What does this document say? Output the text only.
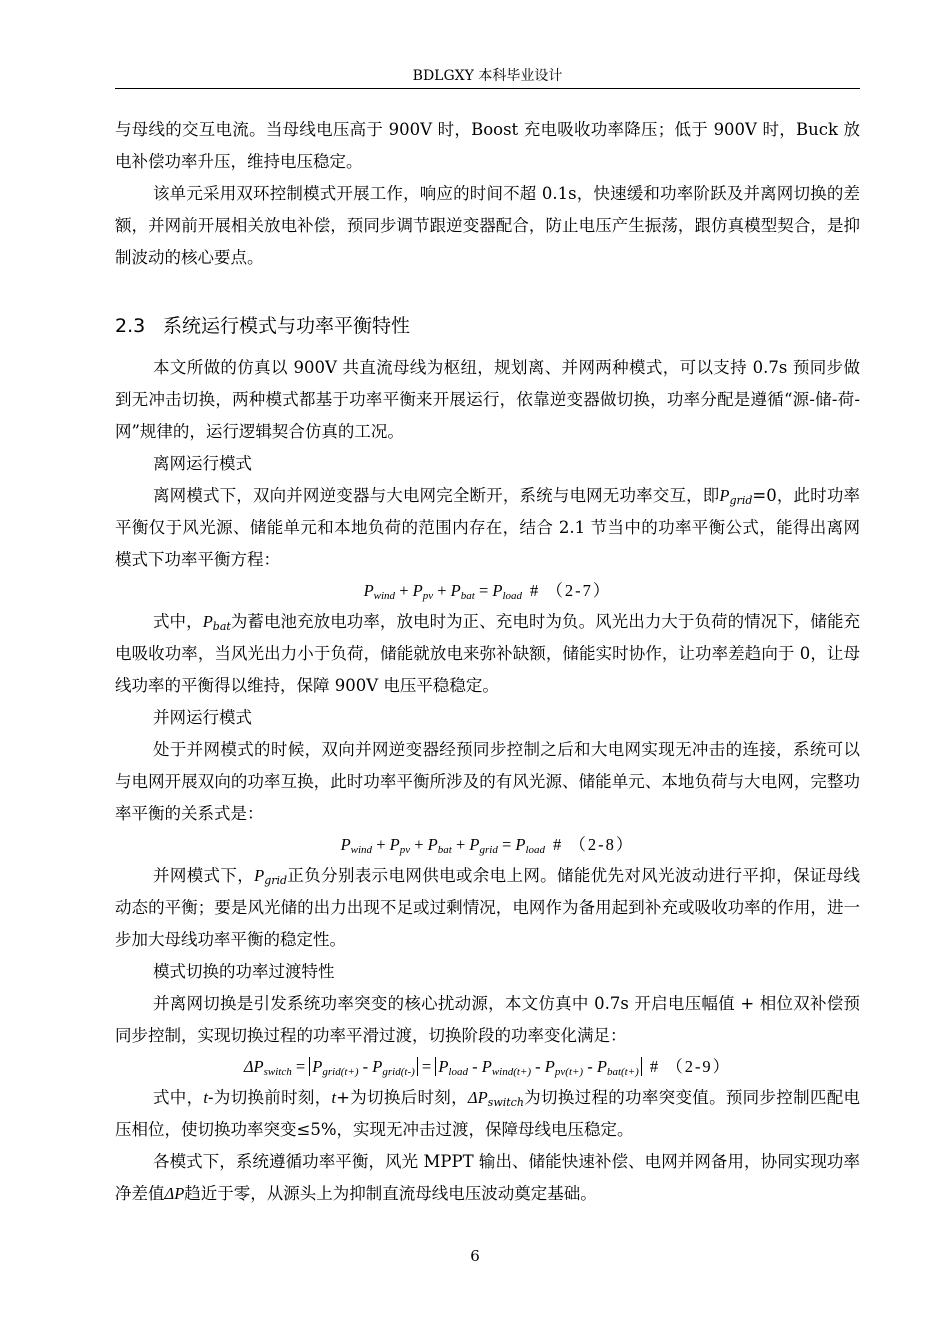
BDLGXY 本科毕业设计

与母线的交互电流。当母线电压高于 900V 时，Boost 充电吸收功率降压；低于 900V 时，Buck 放电补偿功率升压，维持电压稳定。

该单元采用双环控制模式开展工作，响应的时间不超 0.1s，快速缓和功率阶跃及并离网切换的差额，并网前开展相关放电补偿，预同步调节跟逆变器配合，防止电压产生振荡，跟仿真模型契合，是抑制波动的核心要点。

2.3 系统运行模式与功率平衡特性

本文所做的仿真以 900V 共直流母线为枢纽，规划离、并网两种模式，可以支持 0.7s 预同步做到无冲击切换，两种模式都基于功率平衡来开展运行，依靠逆变器做切换，功率分配是遵循“源-储-荷-网”规律的，运行逻辑契合仿真的工况。

离网运行模式

离网模式下，双向并网逆变器与大电网完全断开，系统与电网无功率交互，即$P_{grid}=0$，此时功率平衡仅于风光源、储能单元和本地负荷的范围内存在，结合 2.1 节当中的功率平衡公式，能得出离网模式下功率平衡方程：

$P_{wind} + P_{pv} + P_{bat} = P_{load}$ # （2-7）

式中，$P_{bat}$为蓄电池充放电功率，放电时为正、充电时为负。风光出力大于负荷的情况下，储能充电吸收功率，当风光出力小于负荷，储能就放电来弥补缺额，储能实时协作，让功率差趋向于 0，让母线功率的平衡得以维持，保障 900V 电压平稳稳定。

并网运行模式

处于并网模式的时候，双向并网逆变器经预同步控制之后和大电网实现无冲击的连接，系统可以与电网开展双向的功率互换，此时功率平衡所涉及的有风光源、储能单元、本地负荷与大电网，完整功率平衡的关系式是：

$P_{wind} + P_{pv} + P_{bat} + P_{grid} = P_{load}$ # （2-8）

并网模式下，$P_{grid}$正负分别表示电网供电或余电上网。储能优先对风光波动进行平抑，保证母线动态的平衡；要是风光储的出力出现不足或过剩情况，电网作为备用起到补充或吸收功率的作用，进一步加大母线功率平衡的稳定性。

模式切换的功率过渡特性

并离网切换是引发系统功率突变的核心扰动源，本文仿真中 0.7s 开启电压幅值 + 相位双补偿预同步控制，实现切换过程的功率平滑过渡，切换阶段的功率变化满足：

$\Delta P_{switch} = P_{grid(t+)} - P_{grid(t-)} = P_{load} - P_{wind(t+)} - P_{pv(t+)} - P_{bat(t+)}$ # （2-9）

式中，t-为切换前时刻，t+为切换后时刻，$\Delta P_{switch}$为切换过程的功率突变值。预同步控制匹配电压相位，使切换功率突变≤5%，实现无冲击过渡，保障母线电压稳定。

各模式下，系统遵循功率平衡，风光 MPPT 输出、储能快速补偿、电网并网备用，协同实现功率净差值ΔP趋近于零，从源头上为抑制直流母线电压波动奠定基础。

6
